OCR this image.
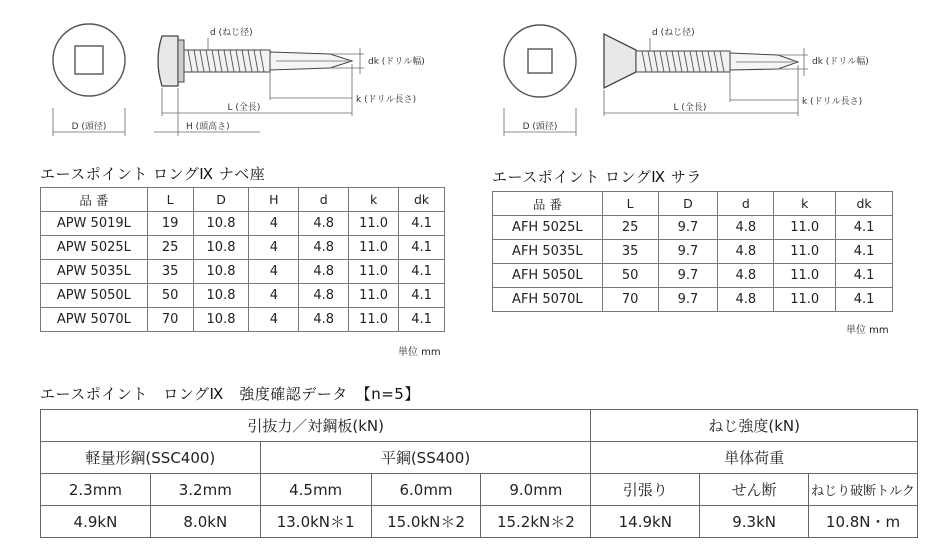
D (頭径)
d (ねじ径)
dk (ドリル幅)
L (全長)
k (ドリル長さ)
H (頭高さ)	D (頭径)
d (ねじ径)
dk (ドリル幅)
L (全長)
k (ドリル長さ)
エースポイント ロングⅨ ナベ座
品 番	L	D	H	d	k	dk
APW 5019L	19	10.8	4	4.8	11.0	4.1
APW 5025L	25	10.8	4	4.8	11.0	4.1
APW 5035L	35	10.8	4	4.8	11.0	4.1
APW 5050L	50	10.8	4	4.8	11.0	4.1
APW 5070L	70	10.8	4	4.8	11.0	4.1
単位 mm
エースポイント ロングⅨ サラ
品 番	L	D	d	k	dk
AFH 5025L	25	9.7	4.8	11.0	4.1
AFH 5035L	35	9.7	4.8	11.0	4.1
AFH 5050L	50	9.7	4.8	11.0	4.1
AFH 5070L	70	9.7	4.8	11.0	4.1
単位 mm
エースポイント　ロングⅨ　強度確認データ　【n=5】
引抜力／対鋼板(kN)					ねじ強度(kN)		
軽量形鋼(SSC400)		平鋼(SS400)			単体荷重		
2.3mm	3.2mm	4.5mm	6.0mm	9.0mm	引張り	せん断	ねじり破断トルク
4.9kN	8.0kN	13.0kN＊1	15.0kN＊2	15.2kN＊2	14.9kN	9.3kN	10.8N・m
